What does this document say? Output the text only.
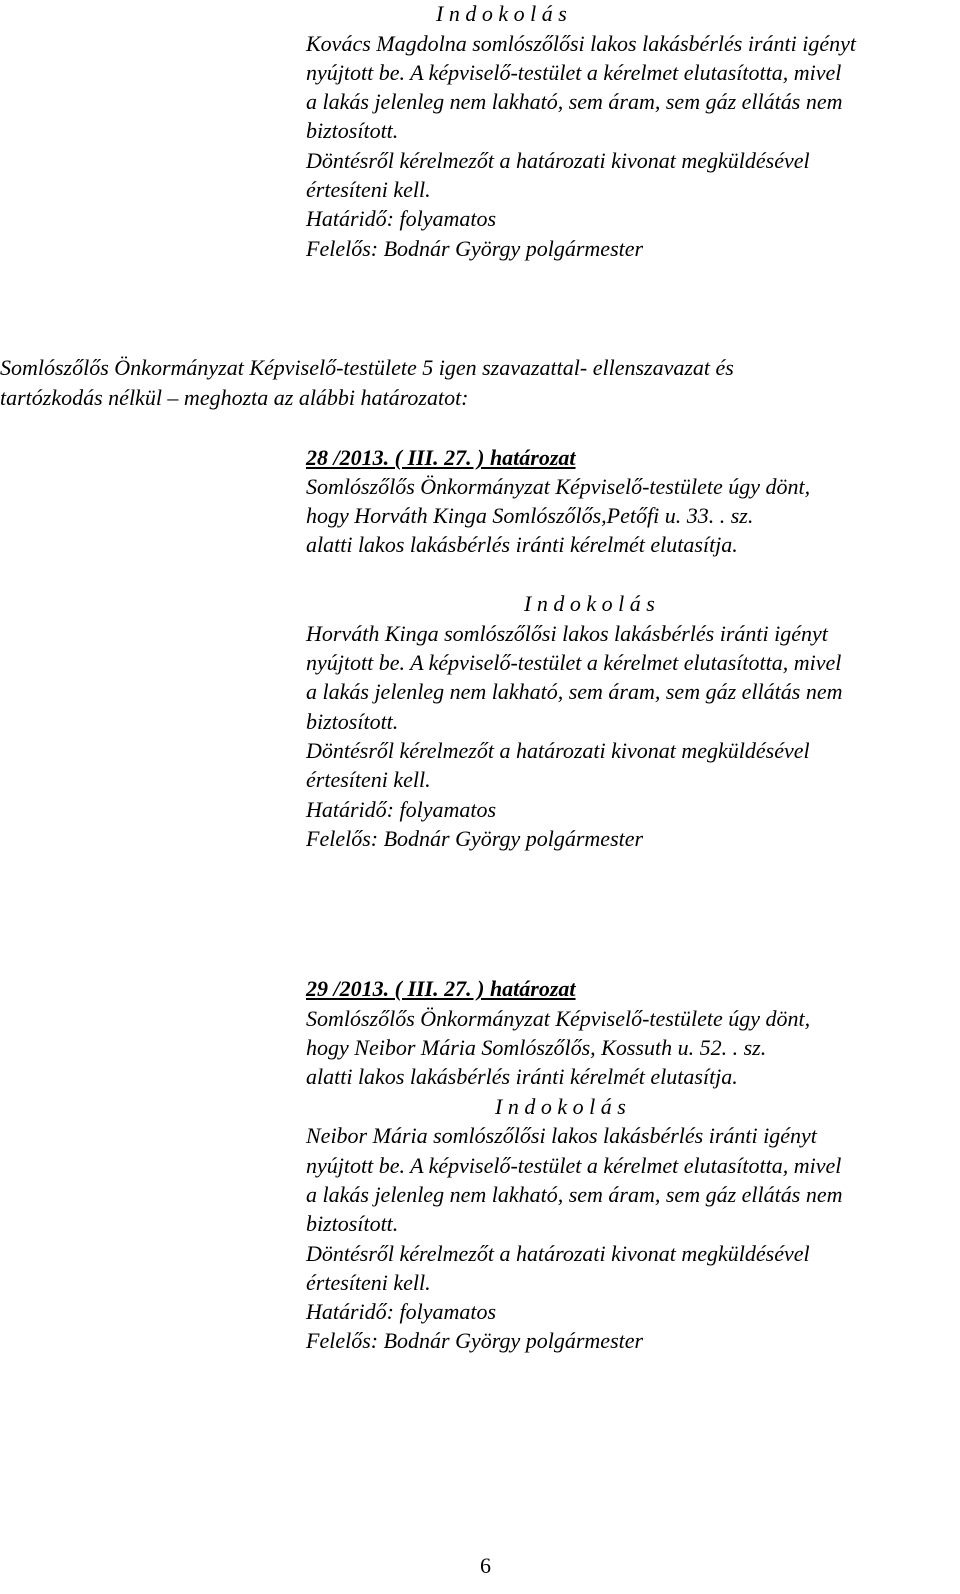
I n d o k o l á s
Kovács Magdolna somlószőlősi lakos lakásbérlés iránti igényt
nyújtott be. A képviselő-testület a kérelmet elutasította, mivel
a lakás jelenleg nem lakható, sem áram, sem gáz ellátás nem
biztosított.
Döntésről kérelmezőt a határozati kivonat megküldésével
értesíteni kell.
Határidő: folyamatos
Felelős: Bodnár György polgármester
Somlószőlős Önkormányzat Képviselő-testülete 5 igen szavazattal- ellenszavazat és
tartózkodás nélkül – meghozta az alábbi határozatot:
28 /2013. ( III. 27. ) határozat
Somlószőlős Önkormányzat Képviselő-testülete úgy dönt,
hogy Horváth Kinga Somlószőlős,Petőfi u. 33. . sz.
alatti lakos lakásbérlés iránti kérelmét elutasítja.
I n d o k o l á s
Horváth Kinga somlószőlősi lakos lakásbérlés iránti igényt
nyújtott be. A képviselő-testület a kérelmet elutasította, mivel
a lakás jelenleg nem lakható, sem áram, sem gáz ellátás nem
biztosított.
Döntésről kérelmezőt a határozati kivonat megküldésével
értesíteni kell.
Határidő: folyamatos
Felelős: Bodnár György polgármester
29 /2013. ( III. 27. ) határozat
Somlószőlős Önkormányzat Képviselő-testülete úgy dönt,
hogy Neibor Mária Somlószőlős, Kossuth u. 52. . sz.
alatti lakos lakásbérlés iránti kérelmét elutasítja.
I n d o k o l á s
Neibor Mária somlószőlősi lakos lakásbérlés iránti igényt
nyújtott be. A képviselő-testület a kérelmet elutasította, mivel
a lakás jelenleg nem lakható, sem áram, sem gáz ellátás nem
biztosított.
Döntésről kérelmezőt a határozati kivonat megküldésével
értesíteni kell.
Határidő: folyamatos
Felelős: Bodnár György polgármester
6
